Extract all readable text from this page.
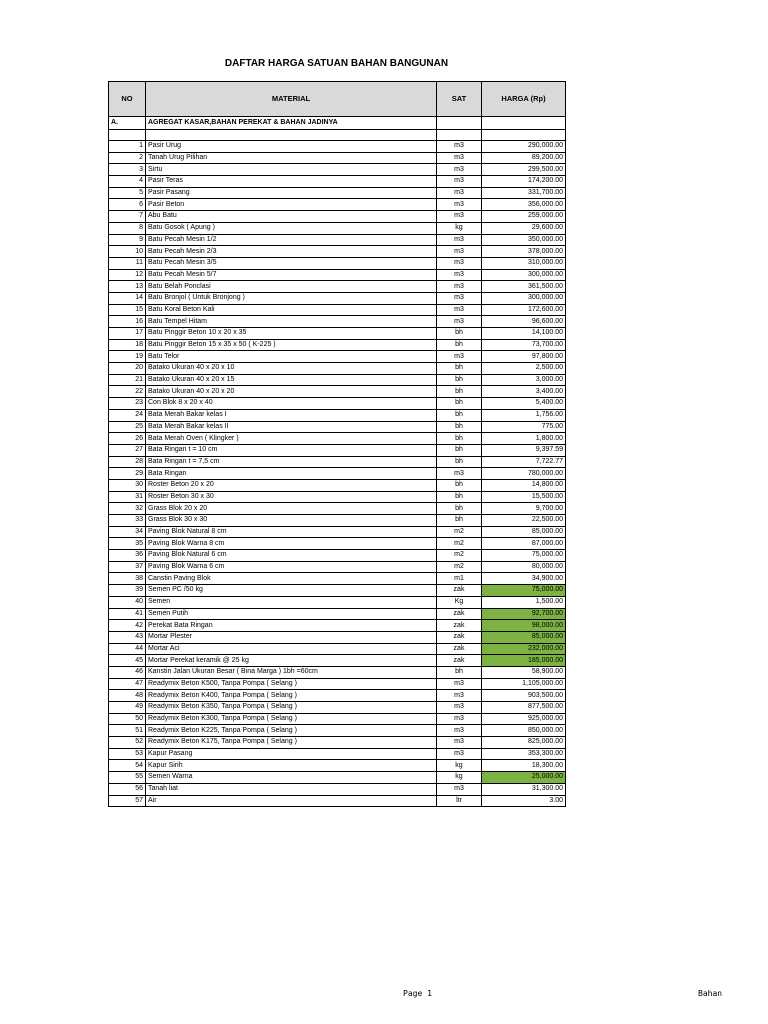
DAFTAR HARGA SATUAN BAHAN BANGUNAN
NO	MATERIAL	SAT	HARGA (Rp)
A.	AGREGAT KASAR,BAHAN PEREKAT & BAHAN JADINYA		

1	Pasir Urug	m3	290,000.00
2	Tanah Urug Pilihan	m3	89,200.00
3	Sirtu	m3	299,500.00
4	Pasir Teras	m3	174,200.00
5	Pasir Pasang	m3	331,700.00
6	Pasir Beton	m3	356,000.00
7	Abu Batu	m3	259,000.00
8	Batu Gosok ( Apung )	kg	29,600.00
9	Batu Pecah Mesin 1/2	m3	350,000.00
10	Batu Pecah Mesin 2/3	m3	378,000.00
11	Batu Pecah Mesin 3/5	m3	310,000.00
12	Batu Pecah Mesin 5/7	m3	300,000.00
13	Batu Belah Ponclasi	m3	361,500.00
14	Batu Bronjol ( Untuk Bronjong )	m3	300,000.00
15	Batu Koral Beton Kali	m3	172,600.00
16	Batu Tempel Hitam	m3	96,600.00
17	Batu Pinggir Beton 10 x 20 x 35	bh	14,100.00
18	Batu Pinggir Beton 15 x 35 x 50 ( K-225 )	bh	73,700.00
19	Batu Telor	m3	97,800.00
20	Batako Ukuran 40 x 20 x 10	bh	2,500.00
21	Batako Ukuran 40 x 20 x 15	bh	3,000.00
22	Batako Ukuran 40 x 20 x 20	bh	3,400.00
23	Con Blok 8 x 20 x 40	bh	5,400.00
24	Bata Merah Bakar kelas I	bh	1,756.00
25	Bata Merah Bakar kelas II	bh	775.00
26	Bata Merah Oven ( Klingker )	bh	1,800.00
27	Bata Ringan t = 10 cm	bh	9,397.59
28	Bata Ringan t = 7,5 cm	bh	7,722.77
29	Bata Ringan	m3	780,000.00
30	Roster Beton 20 x 20	bh	14,800.00
31	Roster Beton 30 x 30	bh	15,500.00
32	Grass Blok 20 x 20	bh	9,700.00
33	Grass Blok 30 x 30	bh	22,500.00
34	Paving Blok Natural 8 cm	m2	85,000.00
35	Paving Blok Warna 8 cm	m2	87,000.00
36	Paving Blok Natural 6 cm	m2	75,000.00
37	Paving Blok Warna 6 cm	m2	80,000.00
38	Canstin Paving Blok	m1	34,900.00
39	Semen PC /50 kg	zak	75,000.00
40	Semen	Kg	1,500.00
41	Semen Putih	zak	92,700.00
42	Perekat Bata Ringan	zak	98,000.00
43	Mortar Plester	zak	85,000.00
44	Mortar Aci	zak	232,000.00
45	Mortar Perekat keramik @ 25 kg	zak	185,000.00
46	Kanstin Jalan Ukuran Besar ( Bina Marga ) 1bh =60cm	bh	58,900.00
47	Readymix Beton K500, Tanpa Pompa ( Selang )	m3	1,105,000.00
48	Readymix Beton K400, Tanpa Pompa ( Selang )	m3	903,500.00
49	Readymix Beton K350, Tanpa Pompa ( Selang )	m3	877,500.00
50	Readymix Beton K300, Tanpa Pompa ( Selang )	m3	925,000.00
51	Readymix Beton K225, Tanpa Pompa ( Selang )	m3	850,000.00
52	Readymix Beton K175, Tanpa Pompa ( Selang )	m3	825,000.00
53	Kapur Pasang	m3	353,300.00
54	Kapur Sirih	kg	18,300.00
55	Semen Warna	kg	25,000.00
56	Tanah liat	m3	31,300.00
57	Air	ltr	3.00
Page 1	Bahan
